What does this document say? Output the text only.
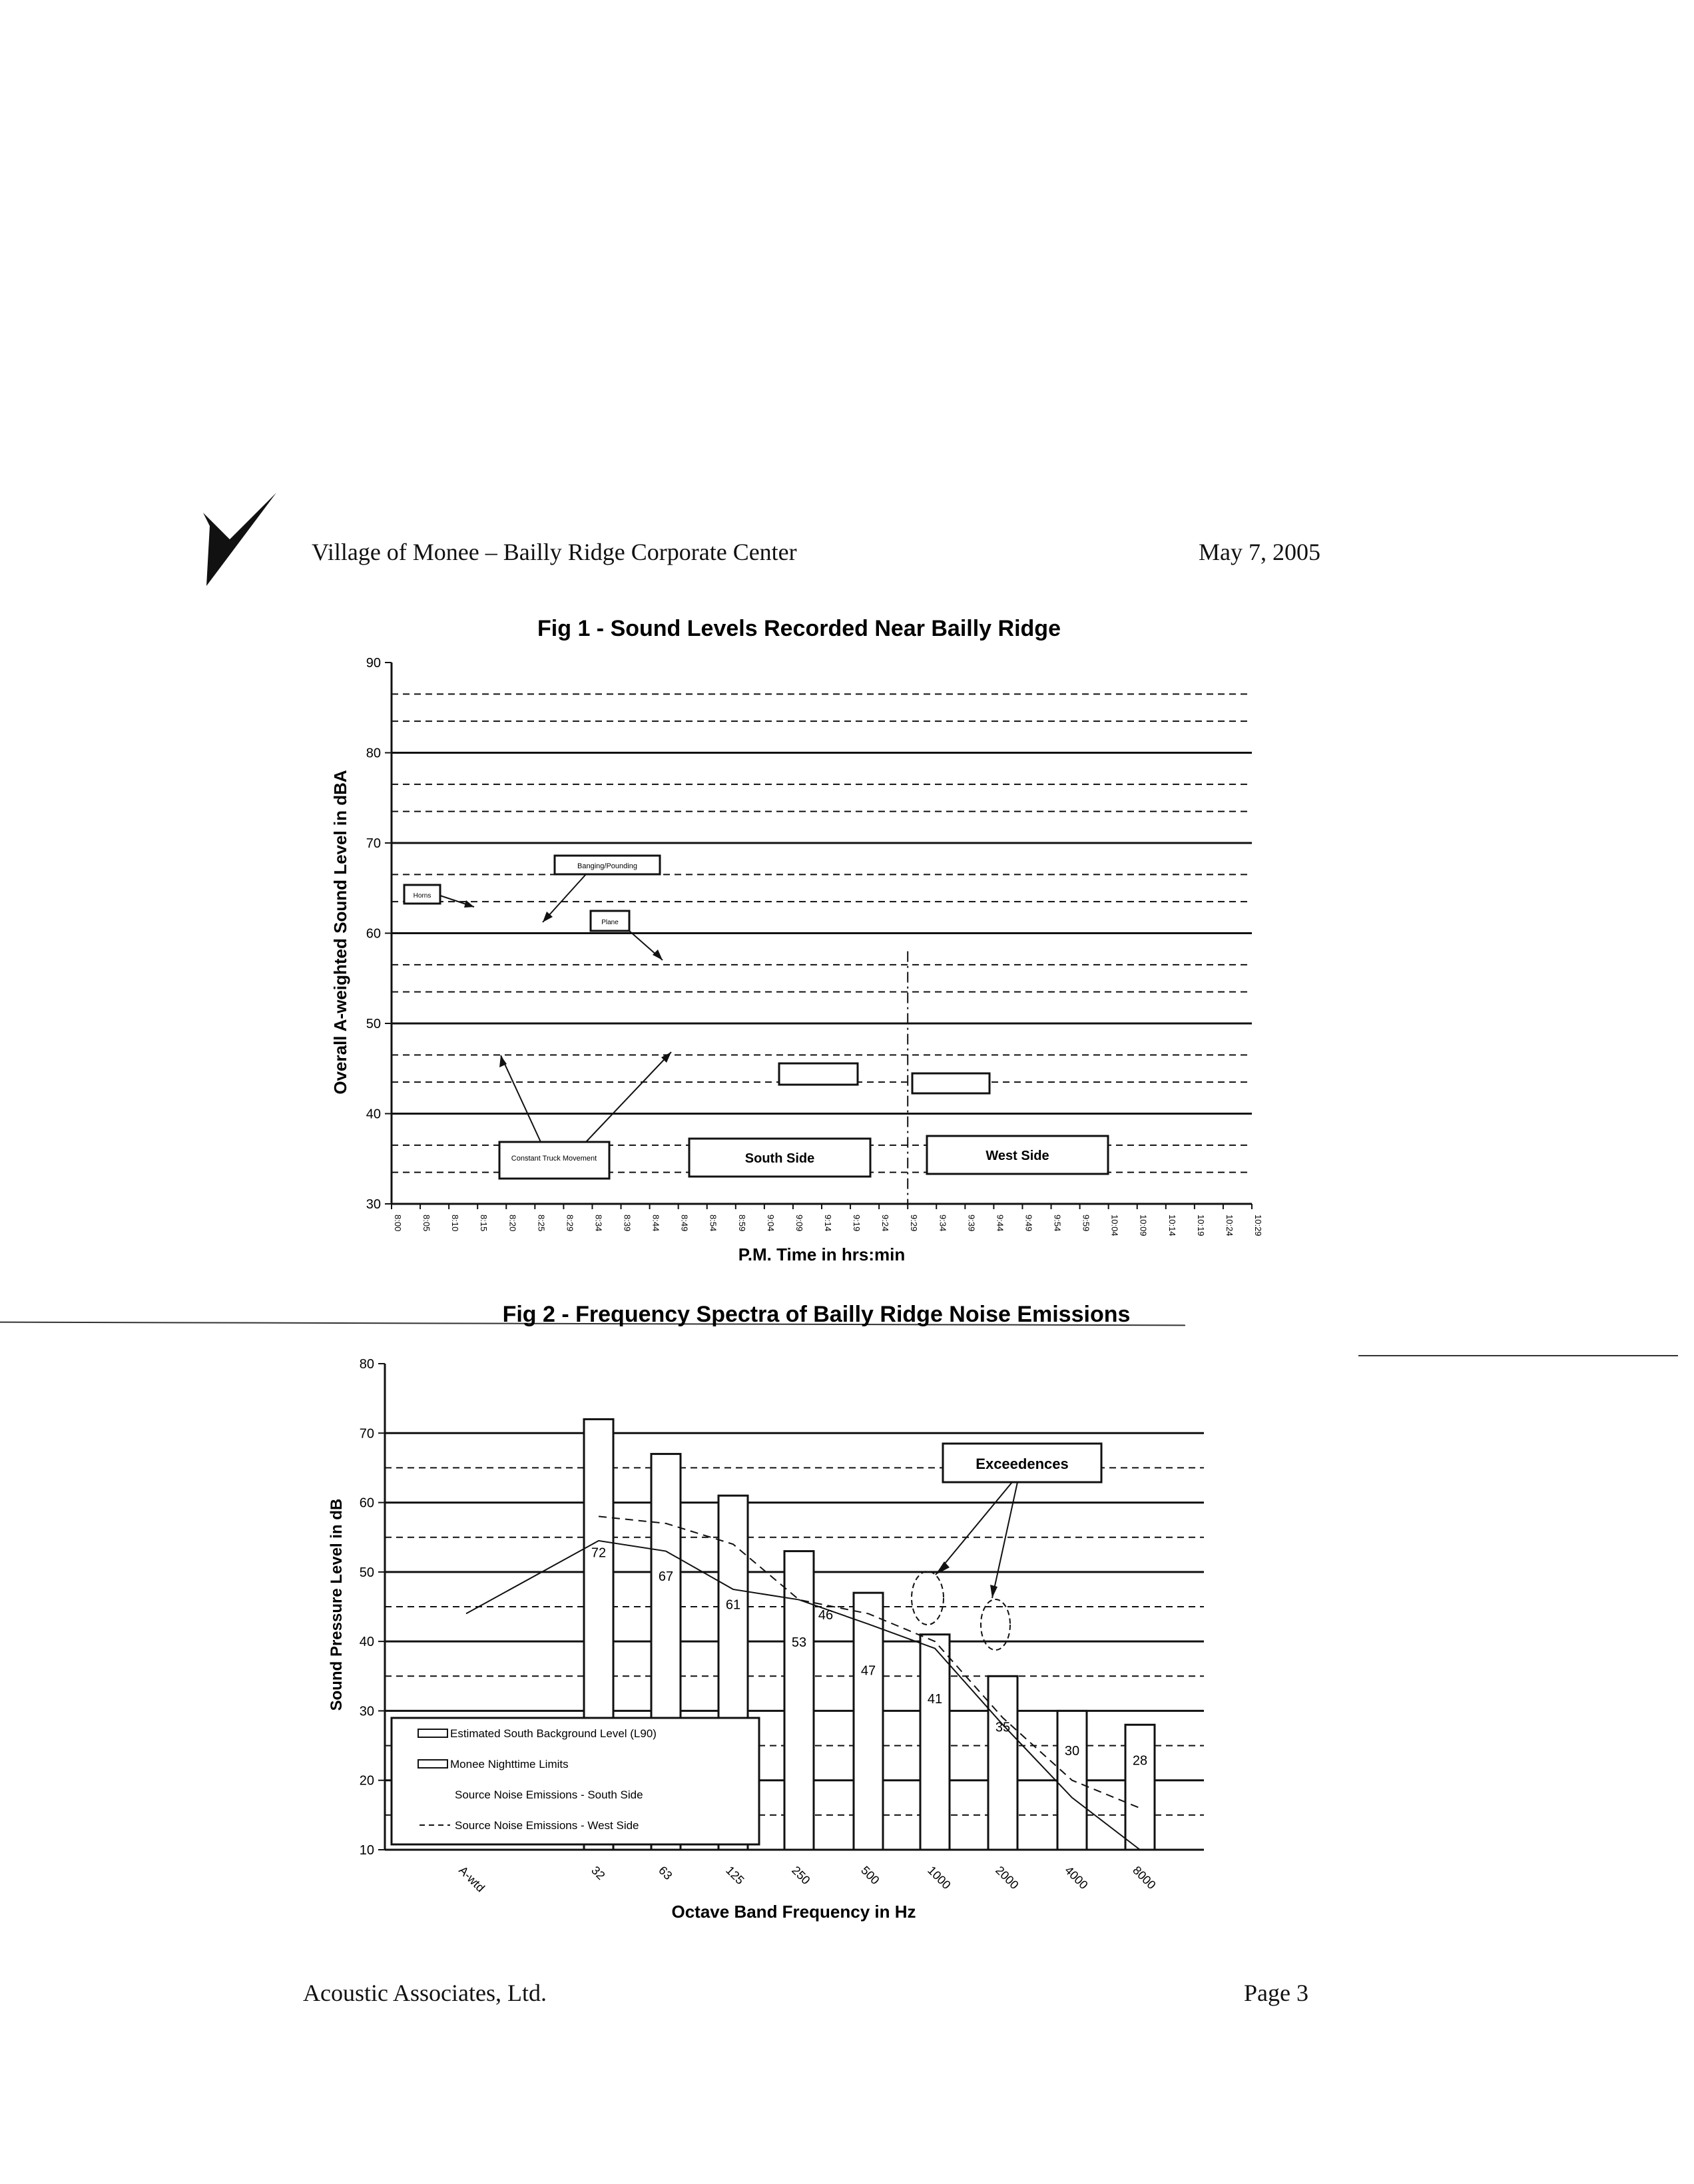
Village of Monee – Bailly Ridge Corporate Center	May 7, 2005
Acoustic Associates, Ltd.	Page 3
Fig 1 - Sound Levels Recorded Near Bailly Ridge
30
40
50
60
70
80
90
8:00 8:05 8:10 8:15 8:20 8:25 8:29 8:34 8:39 8:44 8:49 8:54 8:59 9:04 9:09 9:14 9:19 9:24 9:29 9:34 9:39 9:44 9:49 9:54 9:59 10:04 10:09 10:14 10:19 10:24 10:29
Overall A-weighted Sound Level in dBA
P.M. Time in hrs:min
Horns
Banging/Pounding
Plane
Constant Truck Movement	South Side	West Side
Fig 2 - Frequency Spectra of Bailly Ridge Noise Emissions
72
67
61
53
47
41
35
30
28
10
20
30
40
50
60
70
80
A-wtd	32	63	125	250	500	1000	2000	4000	8000
Sound Pressure Level in dB
Octave Band Frequency in Hz
46
Exceedences
Estimated South Background Level (L90)
Monee Nighttime Limits
Source Noise Emissions - South Side
Source Noise Emissions - West Side
